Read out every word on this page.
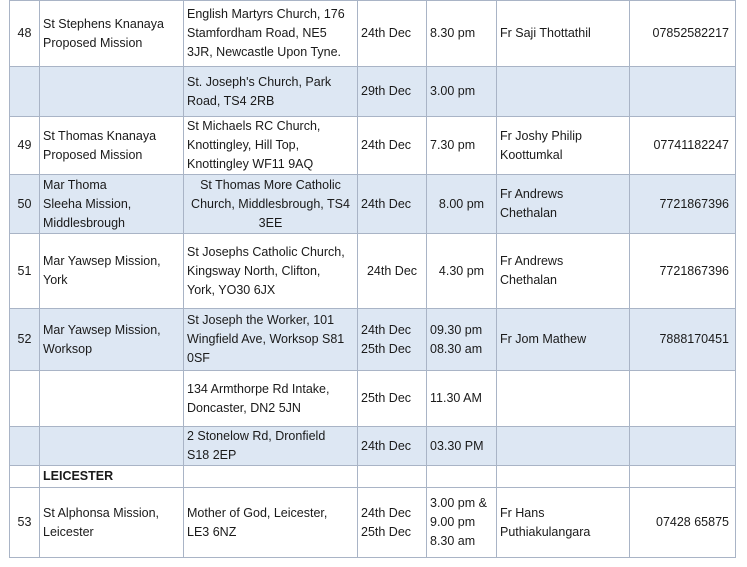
48	St Stephens Knanaya
Proposed Mission	English Martyrs Church, 176
Stamfordham Road, NE5
3JR, Newcastle Upon Tyne.	24th Dec	8.30 pm	Fr Saji Thottathil	07852582217

		St. Joseph's Church, Park
Road, TS4 2RB	29th Dec	3.00 pm		

49	St Thomas Knanaya
Proposed Mission	St Michaels RC Church,
Knottingley, Hill Top,
Knottingley WF11 9AQ	24th Dec	7.30 pm	Fr Joshy Philip
Koottumkal	07741182247
50	Mar Thoma
Sleeha Mission,
Middlesbrough	St Thomas More Catholic
Church, Middlesbrough, TS4
3EE	24th Dec	8.00 pm	Fr Andrews
Chethalan	7721867396
51	Mar Yawsep Mission,
York	St Josephs Catholic Church,
Kingsway North, Clifton,
York, YO30 6JX	24th Dec	4.30 pm	Fr Andrews
Chethalan	7721867396
52	Mar Yawsep Mission,
Worksop	St Joseph the Worker, 101
Wingfield Ave, Worksop S81
0SF	24th Dec
25th Dec	09.30 pm
08.30 am	Fr Jom Mathew	7888170451

		134 Armthorpe Rd Intake,
Doncaster, DN2 5JN	25th Dec	11.30 AM		

		2 Stonelow Rd, Dronfield
S18 2EP	24th Dec	03.30 PM		

	LEICESTER					
53	St Alphonsa Mission,
Leicester	Mother of God, Leicester,
LE3 6NZ	24th Dec
25th Dec	3.00 pm &
9.00 pm
8.30 am	Fr Hans
Puthiakulangara	07428 65875
